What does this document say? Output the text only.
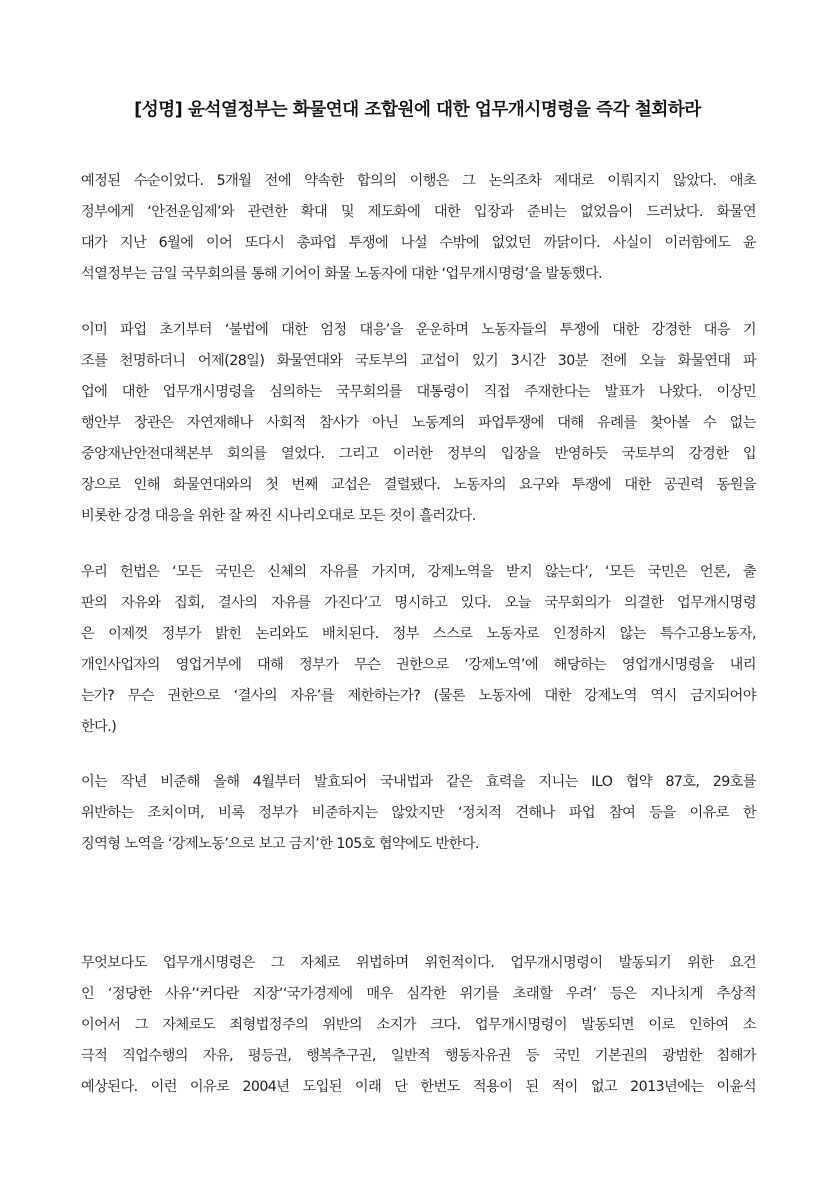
[성명] 윤석열정부는 화물연대 조합원에 대한 업무개시명령을 즉각 철회하라
예정된 수순이었다. 5개월 전에 약속한 합의의 이행은 그 논의조차 제대로 이뤄지지 않았다. 애초
정부에게 ‘안전운임제’와 관련한 확대 및 제도화에 대한 입장과 준비는 없었음이 드러났다. 화물연
대가 지난 6월에 이어 또다시 총파업 투쟁에 나설 수밖에 없었던 까닭이다. 사실이 이러함에도 윤
석열정부는 금일 국무회의를 통해 기어이 화물 노동자에 대한 ‘업무개시명령’을 발동했다.
이미 파업 초기부터 ‘불법에 대한 엄정 대응’을 운운하며 노동자들의 투쟁에 대한 강경한 대응 기
조를 천명하더니 어제(28일) 화물연대와 국토부의 교섭이 있기 3시간 30분 전에 오늘 화물연대 파
업에 대한 업무개시명령을 심의하는 국무회의를 대통령이 직접 주재한다는 발표가 나왔다. 이상민
행안부 장관은 자연재해나 사회적 참사가 아닌 노동계의 파업투쟁에 대해 유례를 찾아볼 수 없는
중앙재난안전대책본부 회의를 열었다. 그리고 이러한 정부의 입장을 반영하듯 국토부의 강경한 입
장으로 인해 화물연대와의 첫 번째 교섭은 결렬됐다. 노동자의 요구와 투쟁에 대한 공권력 동원을
비롯한 강경 대응을 위한 잘 짜진 시나리오대로 모든 것이 흘러갔다.
우리 헌법은 ‘모든 국민은 신체의 자유를 가지며, 강제노역을 받지 않는다’, ‘모든 국민은 언론, 출
판의 자유와 집회, 결사의 자유를 가진다’고 명시하고 있다. 오늘 국무회의가 의결한 업무개시명령
은 이제껏 정부가 밝힌 논리와도 배치된다. 정부 스스로 노동자로 인정하지 않는 특수고용노동자,
개인사업자의 영업거부에 대해 정부가 무슨 권한으로 ‘강제노역’에 해당하는 영업개시명령을 내리
는가? 무슨 권한으로 ‘결사의 자유’를 제한하는가? (물론 노동자에 대한 강제노역 역시 금지되어야
한다.)
이는 작년 비준해 올해 4월부터 발효되어 국내법과 같은 효력을 지니는 ILO 협약 87호, 29호를
위반하는 조치이며, 비록 정부가 비준하지는 않았지만 ‘정치적 견해나 파업 참여 등을 이유로 한
징역형 노역을 ‘강제노동’으로 보고 금지’한 105호 협약에도 반한다.
무엇보다도 업무개시명령은 그 자체로 위법하며 위헌적이다. 업무개시명령이 발동되기 위한 요건
인 ‘정당한 사유’‘커다란 지장’‘국가경제에 매우 심각한 위기를 초래할 우려’ 등은 지나치게 추상적
이어서 그 자체로도 죄형법정주의 위반의 소지가 크다. 업무개시명령이 발동되면 이로 인하여 소
극적 직업수행의 자유, 평등권, 행복추구권, 일반적 행동자유권 등 국민 기본권의 광범한 침해가
예상된다. 이런 이유로 2004년 도입된 이래 단 한번도 적용이 된 적이 없고 2013년에는 이윤석
